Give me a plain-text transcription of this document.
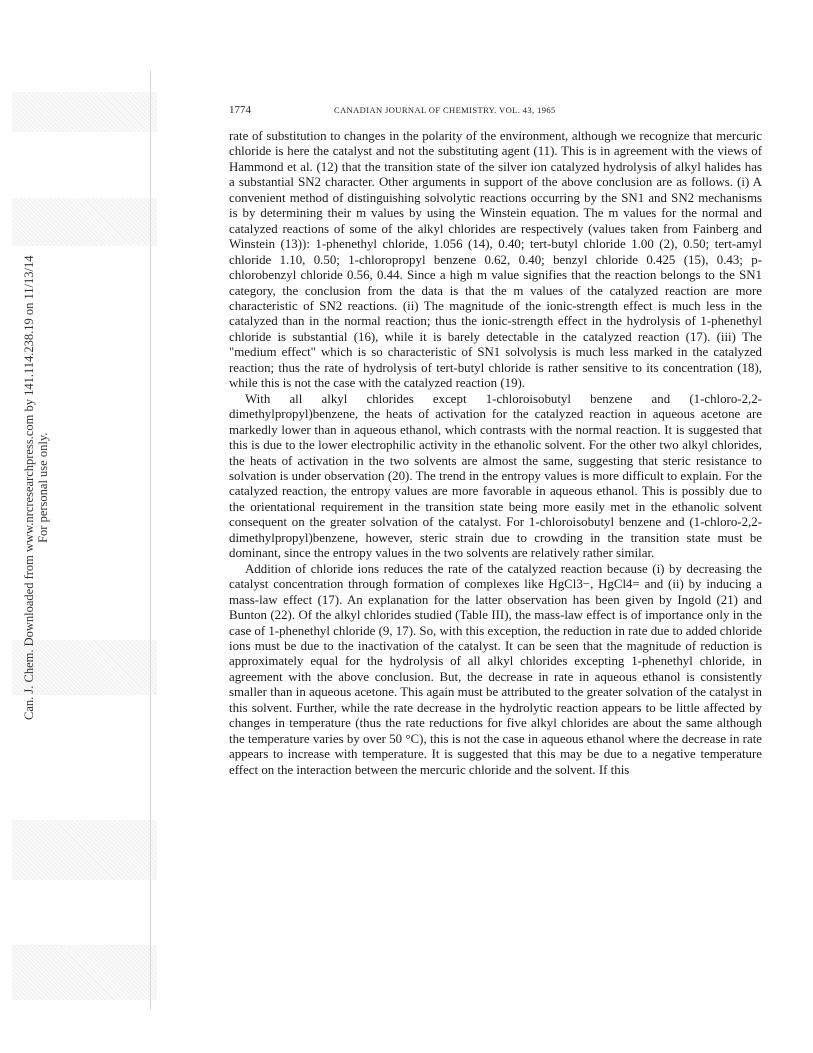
Can. J. Chem. Downloaded from www.nrcresearchpress.com by 141.114.238.19 on 11/13/14 For personal use only.
1774	CANADIAN JOURNAL OF CHEMISTRY. VOL. 43, 1965

rate of substitution to changes in the polarity of the environment, although we recognize that mercuric chloride is here the catalyst and not the substituting agent (11). This is in agreement with the views of Hammond et al. (12) that the transition state of the silver ion catalyzed hydrolysis of alkyl halides has a substantial SN2 character. Other arguments in support of the above conclusion are as follows. (i) A convenient method of distinguishing solvolytic reactions occurring by the SN1 and SN2 mechanisms is by determining their m values by using the Winstein equation. The m values for the normal and catalyzed reactions of some of the alkyl chlorides are respectively (values taken from Fainberg and Winstein (13)): 1-phenethyl chloride, 1.056 (14), 0.40; tert-butyl chloride 1.00 (2), 0.50; tert-amyl chloride 1.10, 0.50; 1-chloropropyl benzene 0.62, 0.40; benzyl chloride 0.425 (15), 0.43; p-chlorobenzyl chloride 0.56, 0.44. Since a high m value signifies that the reaction belongs to the SN1 category, the conclusion from the data is that the m values of the catalyzed reaction are more characteristic of SN2 reactions. (ii) The magnitude of the ionic-strength effect is much less in the catalyzed than in the normal reaction; thus the ionic-strength effect in the hydrolysis of 1-phenethyl chloride is substantial (16), while it is barely detectable in the catalyzed reaction (17). (iii) The "medium effect" which is so characteristic of SN1 solvolysis is much less marked in the catalyzed reaction; thus the rate of hydrolysis of tert-butyl chloride is rather sensitive to its concentration (18), while this is not the case with the catalyzed reaction (19).

With all alkyl chlorides except 1-chloroisobutyl benzene and (1-chloro-2,2-dimethylpropyl)benzene, the heats of activation for the catalyzed reaction in aqueous acetone are markedly lower than in aqueous ethanol, which contrasts with the normal reaction. It is suggested that this is due to the lower electrophilic activity in the ethanolic solvent. For the other two alkyl chlorides, the heats of activation in the two solvents are almost the same, suggesting that steric resistance to solvation is under observation (20). The trend in the entropy values is more difficult to explain. For the catalyzed reaction, the entropy values are more favorable in aqueous ethanol. This is possibly due to the orientational requirement in the transition state being more easily met in the ethanolic solvent consequent on the greater solvation of the catalyst. For 1-chloroisobutyl benzene and (1-chloro-2,2-dimethylpropyl)benzene, however, steric strain due to crowding in the transition state must be dominant, since the entropy values in the two solvents are relatively rather similar.

Addition of chloride ions reduces the rate of the catalyzed reaction because (i) by decreasing the catalyst concentration through formation of complexes like HgCl3−, HgCl4= and (ii) by inducing a mass-law effect (17). An explanation for the latter observation has been given by Ingold (21) and Bunton (22). Of the alkyl chlorides studied (Table III), the mass-law effect is of importance only in the case of 1-phenethyl chloride (9, 17). So, with this exception, the reduction in rate due to added chloride ions must be due to the inactivation of the catalyst. It can be seen that the magnitude of reduction is approximately equal for the hydrolysis of all alkyl chlorides excepting 1-phenethyl chloride, in agreement with the above conclusion. But, the decrease in rate in aqueous ethanol is consistently smaller than in aqueous acetone. This again must be attributed to the greater solvation of the catalyst in this solvent. Further, while the rate decrease in the hydrolytic reaction appears to be little affected by changes in temperature (thus the rate reductions for five alkyl chlorides are about the same although the temperature varies by over 50 °C), this is not the case in aqueous ethanol where the decrease in rate appears to increase with temperature. It is suggested that this may be due to a negative temperature effect on the interaction between the mercuric chloride and the solvent. If this
